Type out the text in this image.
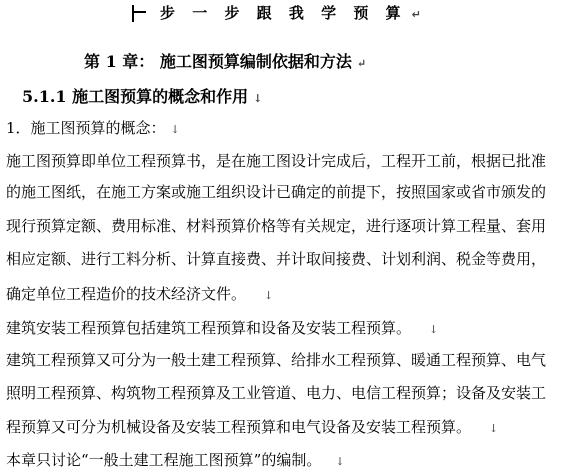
步 一 步 跟 我 学 预 算 ↵
第 1 章： 施工图预算编制依据和方法 ↵
5.1.1 施工图预算的概念和作用 ↓
1．施工图预算的概念： ↓
施工图预算即单位工程预算书，是在施工图设计完成后，工程开工前，根据已批准
的施工图纸，在施工方案或施工组织设计已确定的前提下，按照国家或省市颁发的
现行预算定额、费用标准、材料预算价格等有关规定，进行逐项计算工程量、套用
相应定额、进行工料分析、计算直接费、并计取间接费、计划利润、税金等费用，
确定单位工程造价的技术经济文件。 ↓
建筑安装工程预算包括建筑工程预算和设备及安装工程预算。 ↓
建筑工程预算又可分为一般土建工程预算、给排水工程预算、暖通工程预算、电气
照明工程预算、构筑物工程预算及工业管道、电力、电信工程预算；设备及安装工
程预算又可分为机械设备及安装工程预算和电气设备及安装工程预算。 ↓
本章只讨论“一般土建工程施工图预算”的编制。 ↓
